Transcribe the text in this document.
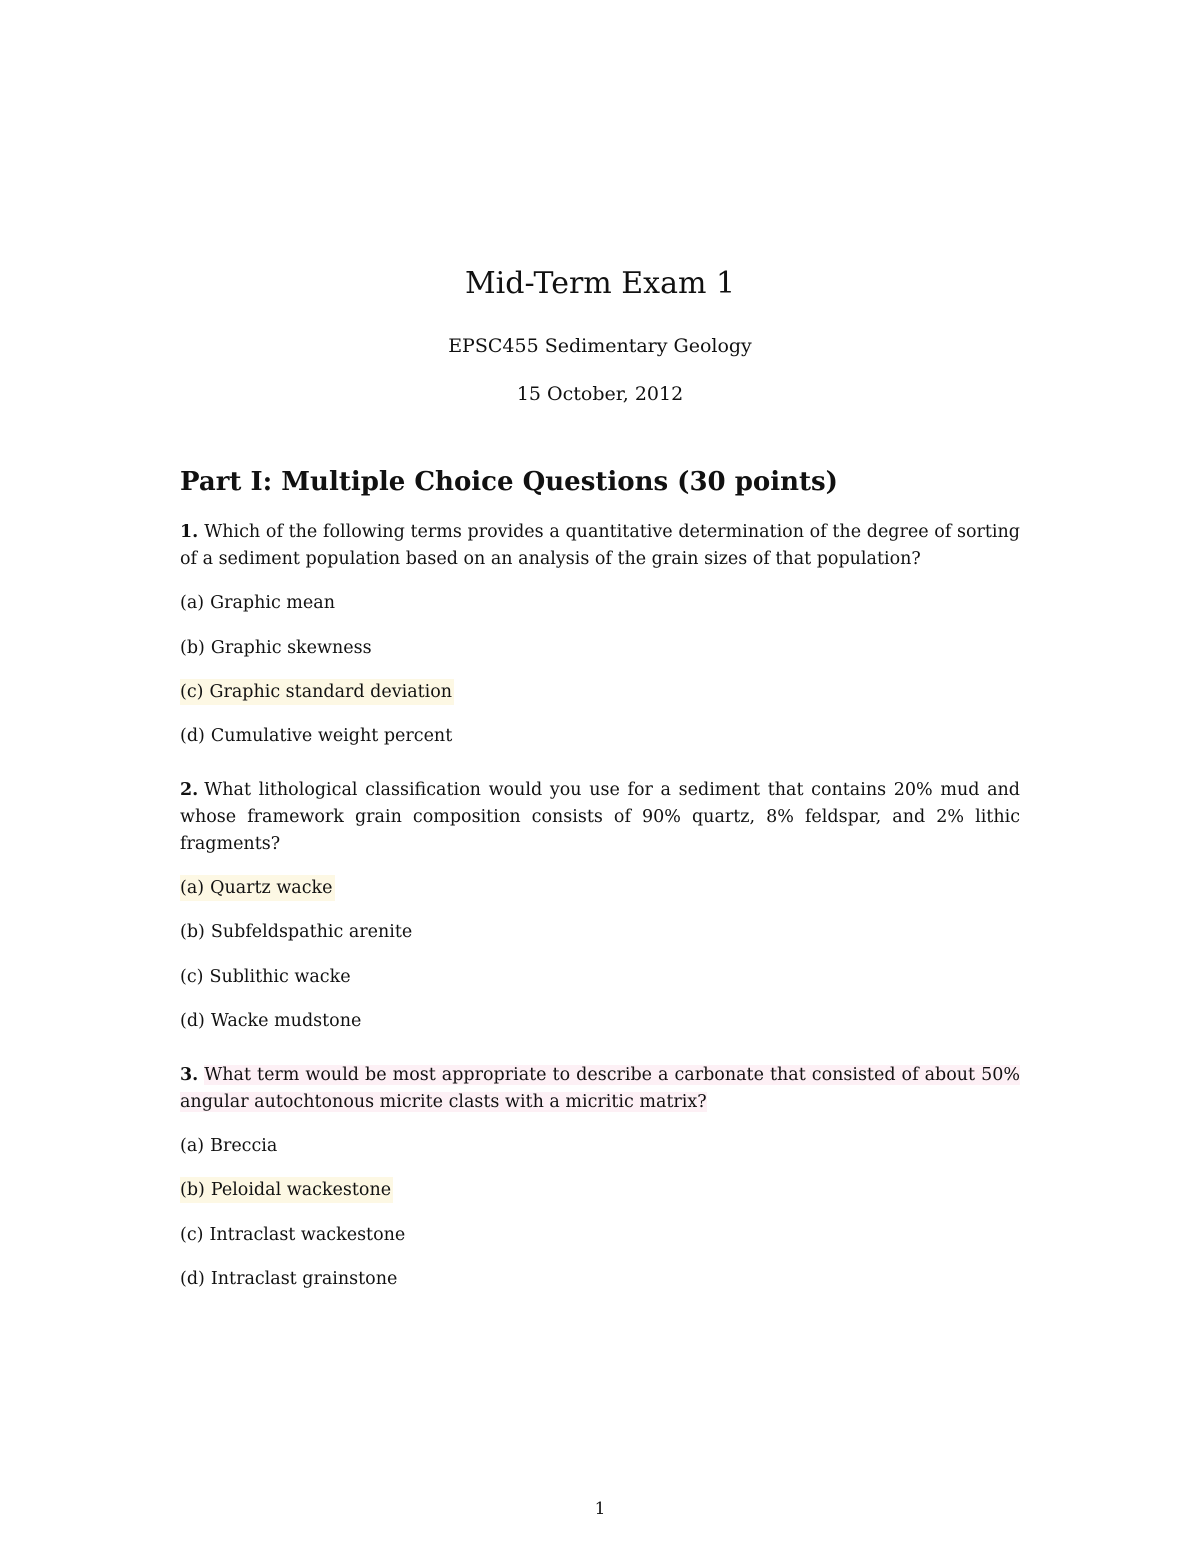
Mid-Term Exam 1
EPSC455 Sedimentary Geology
15 October, 2012
Part I: Multiple Choice Questions (30 points)
1. Which of the following terms provides a quantitative determination of the degree of sorting of a sediment population based on an analysis of the grain sizes of that population?
(a) Graphic mean
(b) Graphic skewness
(c) Graphic standard deviation
(d) Cumulative weight percent
2. What lithological classification would you use for a sediment that contains 20% mud and whose framework grain composition consists of 90% quartz, 8% feldspar, and 2% lithic fragments?
(a) Quartz wacke
(b) Subfeldspathic arenite
(c) Sublithic wacke
(d) Wacke mudstone
3. What term would be most appropriate to describe a carbonate that consisted of about 50% angular autochtonous micrite clasts with a micritic matrix?
(a) Breccia
(b) Peloidal wackestone
(c) Intraclast wackestone
(d) Intraclast grainstone
1
